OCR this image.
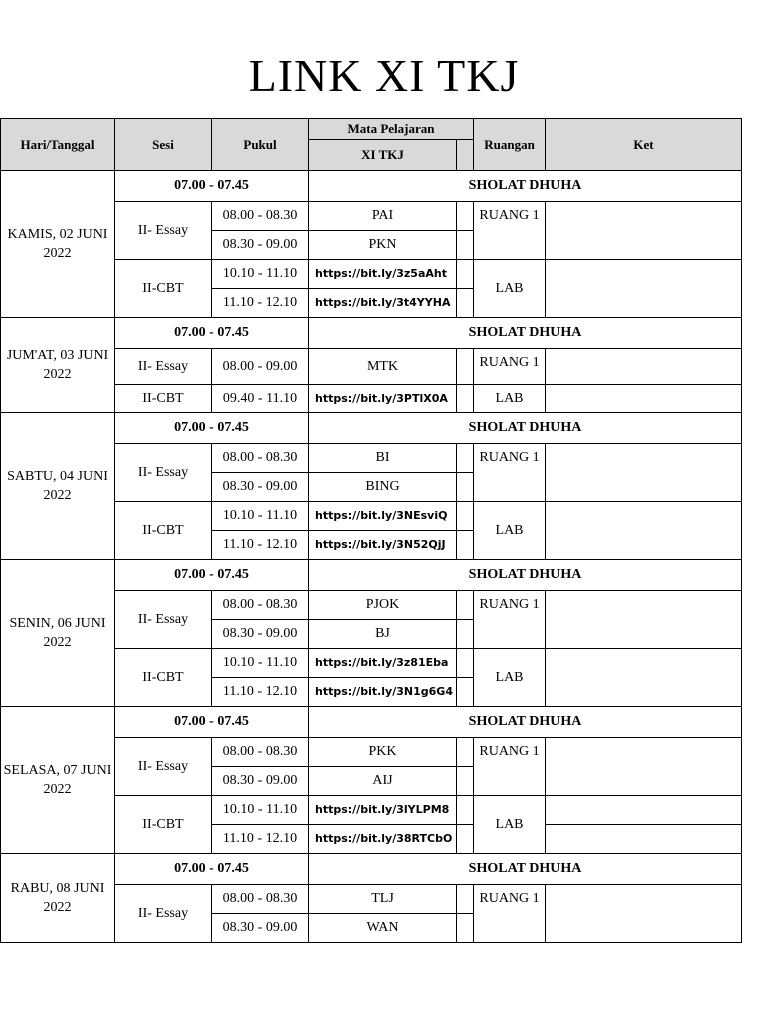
LINK XI TKJ
Hari/Tanggal	Sesi	Pukul	Mata Pelajaran		Ruangan	Ket
			XI TKJ			
KAMIS, 02 JUNI 2022	07.00 - 07.45		SHOLAT DHUHA			
	II- Essay	08.00 - 08.30	PAI		RUANG 1	
		08.30 - 09.00	PKN			
	II-CBT	10.10 - 11.10	https://bit.ly/3z5aAht		LAB	
		11.10 - 12.10	https://bit.ly/3t4YYHA			
JUM'AT, 03 JUNI 2022	07.00 - 07.45		SHOLAT DHUHA			
	II- Essay	08.00 - 09.00	MTK		RUANG 1	
	II-CBT	09.40 - 11.10	https://bit.ly/3PTlX0A		LAB	
SABTU, 04 JUNI 2022	07.00 - 07.45		SHOLAT DHUHA			
	II- Essay	08.00 - 08.30	BI		RUANG 1	
		08.30 - 09.00	BING			
	II-CBT	10.10 - 11.10	https://bit.ly/3NEsviQ		LAB	
		11.10 - 12.10	https://bit.ly/3N52QjJ			
SENIN, 06 JUNI 2022	07.00 - 07.45		SHOLAT DHUHA			
	II- Essay	08.00 - 08.30	PJOK		RUANG 1	
		08.30 - 09.00	BJ			
	II-CBT	10.10 - 11.10	https://bit.ly/3z81Eba		LAB	
		11.10 - 12.10	https://bit.ly/3N1g6G4			
SELASA, 07 JUNI 2022	07.00 - 07.45		SHOLAT DHUHA			
	II- Essay	08.00 - 08.30	PKK		RUANG 1	
		08.30 - 09.00	AIJ			
	II-CBT	10.10 - 11.10	https://bit.ly/3lYLPM8		LAB	
		11.10 - 12.10	https://bit.ly/38RTCbO			
RABU, 08 JUNI 2022	07.00 - 07.45		SHOLAT DHUHA			
	II- Essay	08.00 - 08.30	TLJ		RUANG 1	
		08.30 - 09.00	WAN			
